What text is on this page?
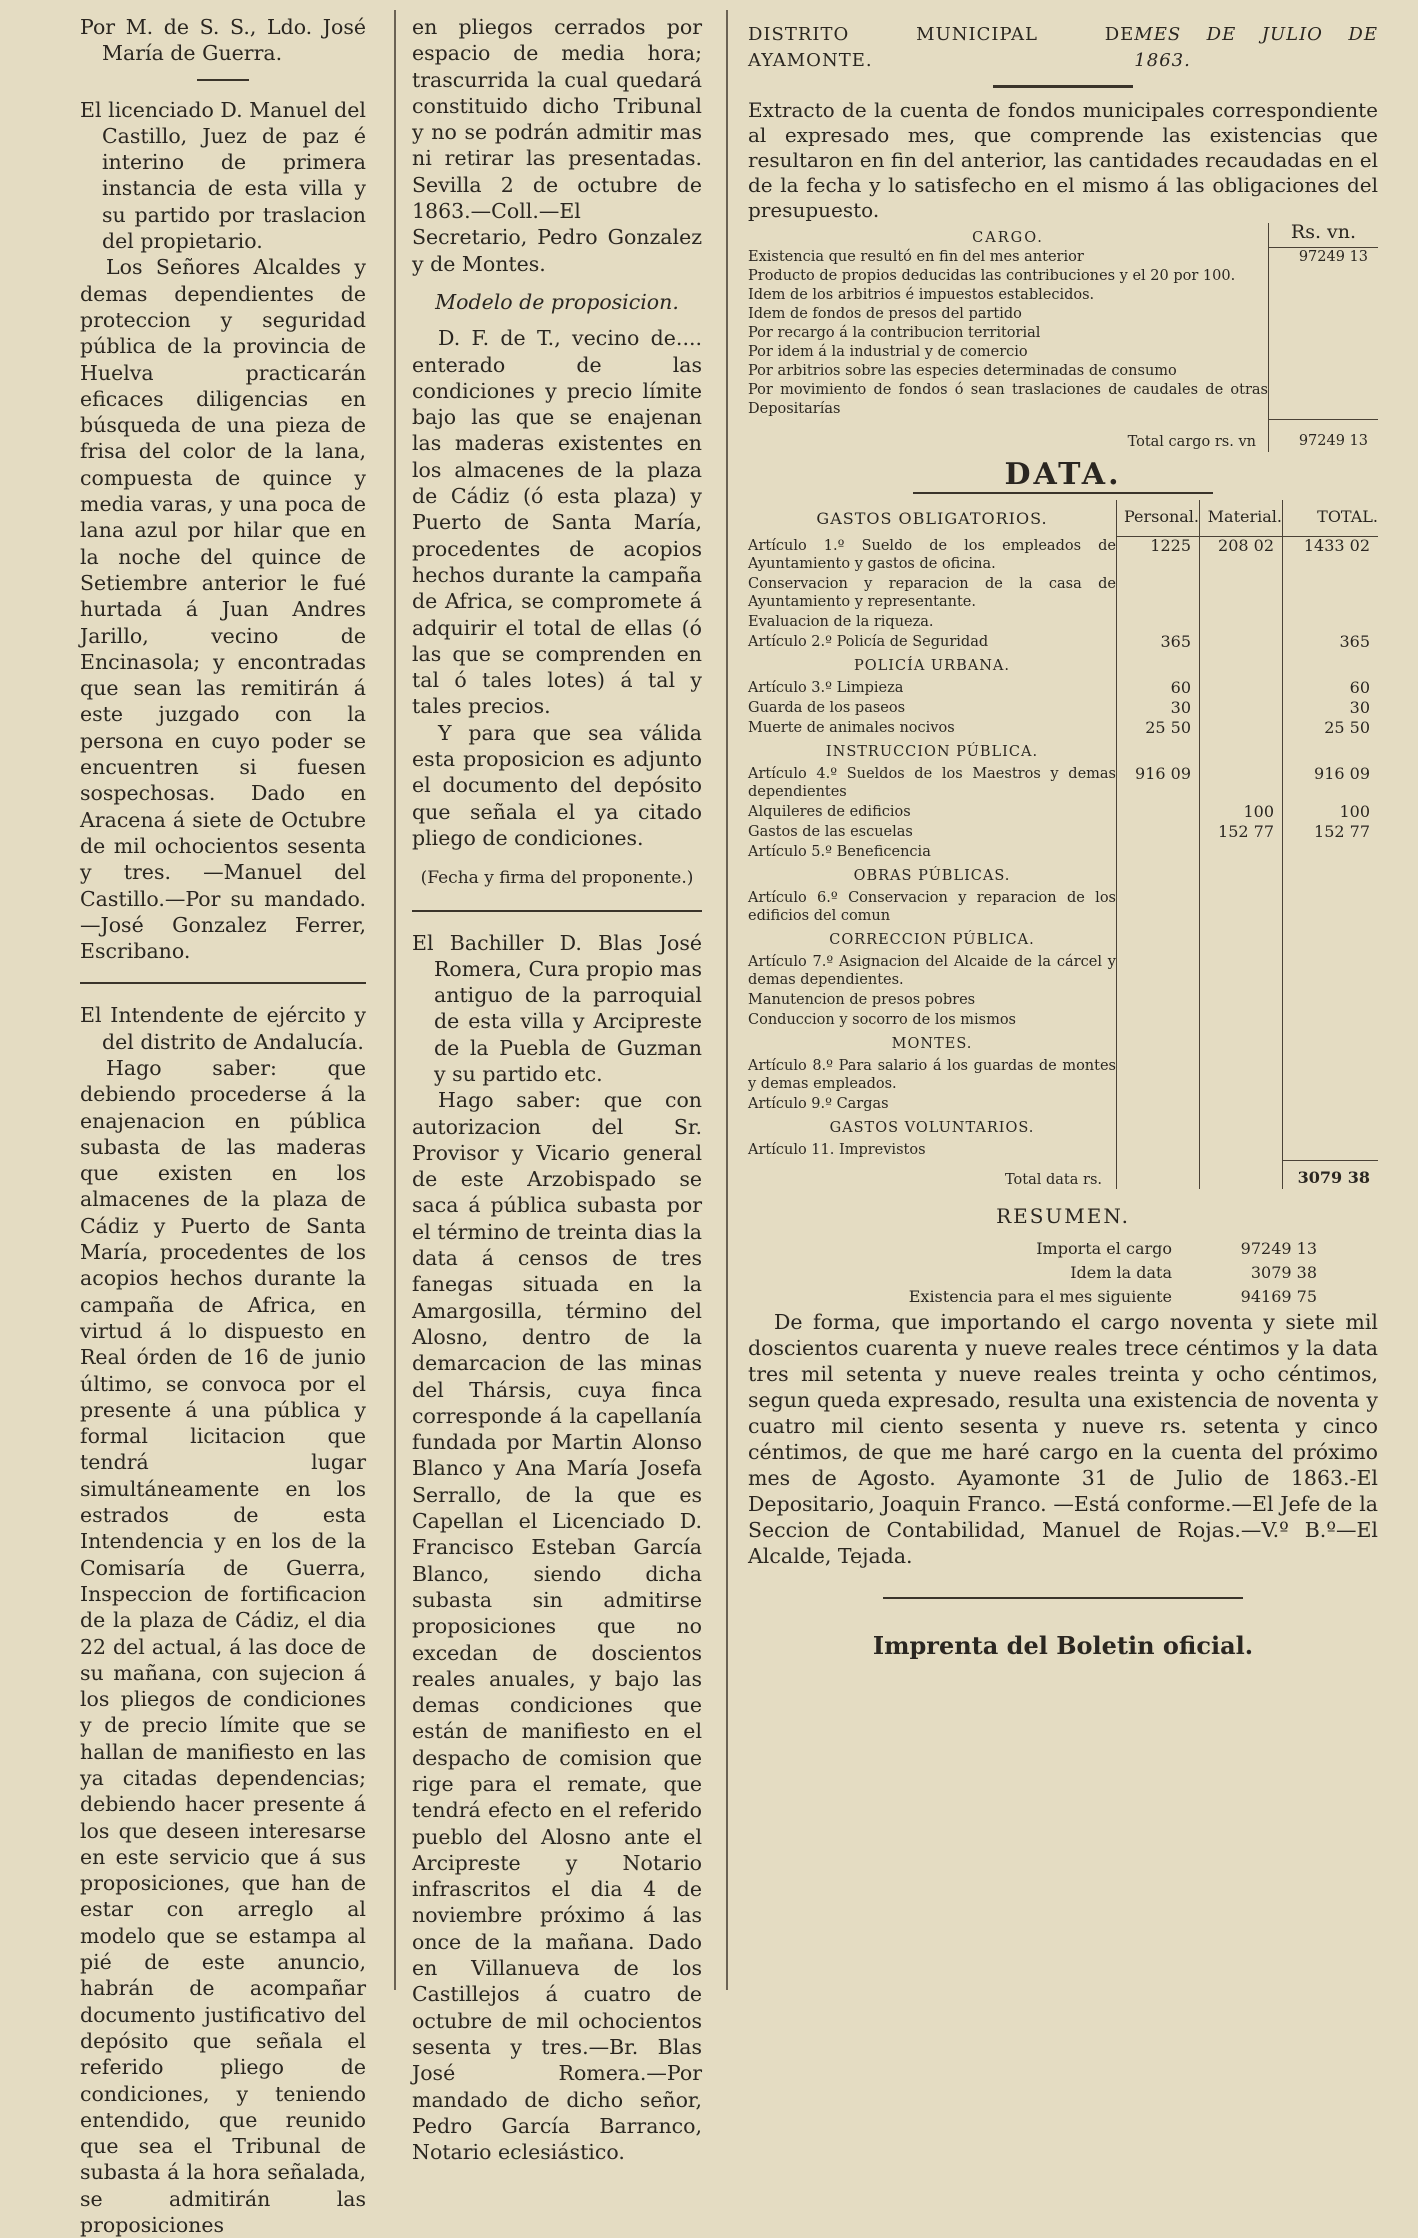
Por M. de S. S., Ldo. José María de Guerra.

El licenciado D. Manuel del Castillo, Juez de paz é interino de primera instancia de esta villa y su partido por traslacion del propietario.

Los Señores Alcaldes y demas dependientes de proteccion y seguridad pública de la provincia de Huelva practicarán eficaces diligencias en búsqueda de una pieza de frisa del color de la lana, compuesta de quince y media varas, y una poca de lana azul por hilar que en la noche del quince de Setiembre anterior le fué hurtada á Juan Andres Jarillo, vecino de Encinasola; y encontradas que sean las remitirán á este juzgado con la persona en cuyo poder se encuentren si fuesen sospechosas. Dado en Aracena á siete de Octubre de mil ochocientos sesenta y tres. —Manuel del Castillo.—Por su mandado.—José Gonzalez Ferrer, Escribano.

El Intendente de ejército y del distrito de Andalucía.

Hago saber: que debiendo procederse á la enajenacion en pública subasta de las maderas que existen en los almacenes de la plaza de Cádiz y Puerto de Santa María, procedentes de los acopios hechos durante la campaña de Africa, en virtud á lo dispuesto en Real órden de 16 de junio último, se convoca por el presente á una pública y formal licitacion que tendrá lugar simultáneamente en los estrados de esta Intendencia y en los de la Comisaría de Guerra, Inspeccion de fortificacion de la plaza de Cádiz, el dia 22 del actual, á las doce de su mañana, con sujecion á los pliegos de condiciones y de precio límite que se hallan de manifiesto en las ya citadas dependencias; debiendo hacer presente á los que deseen interesarse en este servicio que á sus proposiciones, que han de estar con arreglo al modelo que se estampa al pié de este anuncio, habrán de acompañar documento justificativo del depósito que señala el referido pliego de condiciones, y teniendo entendido, que reunido que sea el Tribunal de subasta á la hora señalada, se admitirán las proposiciones

en pliegos cerrados por espacio de media hora; trascurrida la cual quedará constituido dicho Tribunal y no se podrán admitir mas ni retirar las presentadas. Sevilla 2 de octubre de 1863.—Coll.—El Secretario, Pedro Gonzalez y de Montes.

Modelo de proposicion.

D. F. de T., vecino de.... enterado de las condiciones y precio límite bajo las que se enajenan las maderas existentes en los almacenes de la plaza de Cádiz (ó esta plaza) y Puerto de Santa María, procedentes de acopios hechos durante la campaña de Africa, se compromete á adquirir el total de ellas (ó las que se comprenden en tal ó tales lotes) á tal y tales precios.

Y para que sea válida esta proposicion es adjunto el documento del depósito que señala el ya citado pliego de condiciones.

(Fecha y firma del proponente.)

El Bachiller D. Blas José Romera, Cura propio mas antiguo de la parroquial de esta villa y Arcipreste de la Puebla de Guzman y su partido etc.

Hago saber: que con autorizacion del Sr. Provisor y Vicario general de este Arzobispado se saca á pública subasta por el término de treinta dias la data á censos de tres fanegas situada en la Amargosilla, término del Alosno, dentro de la demarcacion de las minas del Thársis, cuya finca corresponde á la capellanía fundada por Martin Alonso Blanco y Ana María Josefa Serrallo, de la que es Capellan el Licenciado D. Francisco Esteban García Blanco, siendo dicha subasta sin admitirse proposiciones que no excedan de doscientos reales anuales, y bajo las demas condiciones que están de manifiesto en el despacho de comision que rige para el remate, que tendrá efecto en el referido pueblo del Alosno ante el Arcipreste y Notario infrascritos el dia 4 de noviembre próximo á las once de la mañana. Dado en Villanueva de los Castillejos á cuatro de octubre de mil ochocientos sesenta y tres.—Br. Blas José Romera.—Por mandado de dicho señor, Pedro García Barranco, Notario eclesiástico.

DISTRITO MUNICIPAL DE AYAMONTE.
MES DE JULIO DE 1863.

Extracto de la cuenta de fondos municipales correspondiente al expresado mes, que comprende las existencias que resultaron en fin del anterior, las cantidades recaudadas en el de la fecha y lo satisfecho en el mismo á las obligaciones del presupuesto.

CARGO.	Rs. vn.
Existencia que resultó en fin del mes anterior	97249 13
Producto de propios deducidas las contribuciones y el 20 por 100.	
Idem de los arbitrios é impuestos establecidos.	
Idem de fondos de presos del partido	
Por recargo á la contribucion territorial	
Por idem á la industrial y de comercio	
Por arbitrios sobre las especies determinadas de consumo	
Por movimiento de fondos ó sean traslaciones de caudales de otras Depositarías	
Total cargo rs. vn	97249 13
DATA.
GASTOS OBLIGATORIOS.	Personal.	Material.	TOTAL.
Artículo 1.º Sueldo de los empleados de Ayuntamiento y gastos de oficina.	1225	208 02	1433 02
Conservacion y reparacion de la casa de Ayuntamiento y representante.			
Evaluacion de la riqueza.			
Artículo 2.º Policía de Seguridad	365		365
POLICÍA URBANA.			
Artículo 3.º Limpieza	60		60
Guarda de los paseos	30		30
Muerte de animales nocivos	25 50		25 50
INSTRUCCION PÚBLICA.			
Artículo 4.º Sueldos de los Maestros y demas dependientes	916 09		916 09
Alquileres de edificios		100	100
Gastos de las escuelas		152 77	152 77
Artículo 5.º Beneficencia			
OBRAS PÚBLICAS.			
Artículo 6.º Conservacion y reparacion de los edificios del comun			
CORRECCION PÚBLICA.			
Artículo 7.º Asignacion del Alcaide de la cárcel y demas dependientes.			
Manutencion de presos pobres			
Conduccion y socorro de los mismos			
MONTES.			
Artículo 8.º Para salario á los guardas de montes y demas empleados.			
Artículo 9.º Cargas			
GASTOS VOLUNTARIOS.			
Artículo 11. Imprevistos			
Total data rs.			3079 38
RESUMEN.
Importa el cargo	97249 13
Idem la data	3079 38
Existencia para el mes siguiente	94169 75

De forma, que importando el cargo noventa y siete mil doscientos cuarenta y nueve reales trece céntimos y la data tres mil setenta y nueve reales treinta y ocho céntimos, segun queda expresado, resulta una existencia de noventa y cuatro mil ciento sesenta y nueve rs. setenta y cinco céntimos, de que me haré cargo en la cuenta del próximo mes de Agosto. Ayamonte 31 de Julio de 1863.-El Depositario, Joaquin Franco. —Está conforme.—El Jefe de la Seccion de Contabilidad, Manuel de Rojas.—V.º B.º—El Alcalde, Tejada.

Imprenta del Boletin oficial.
